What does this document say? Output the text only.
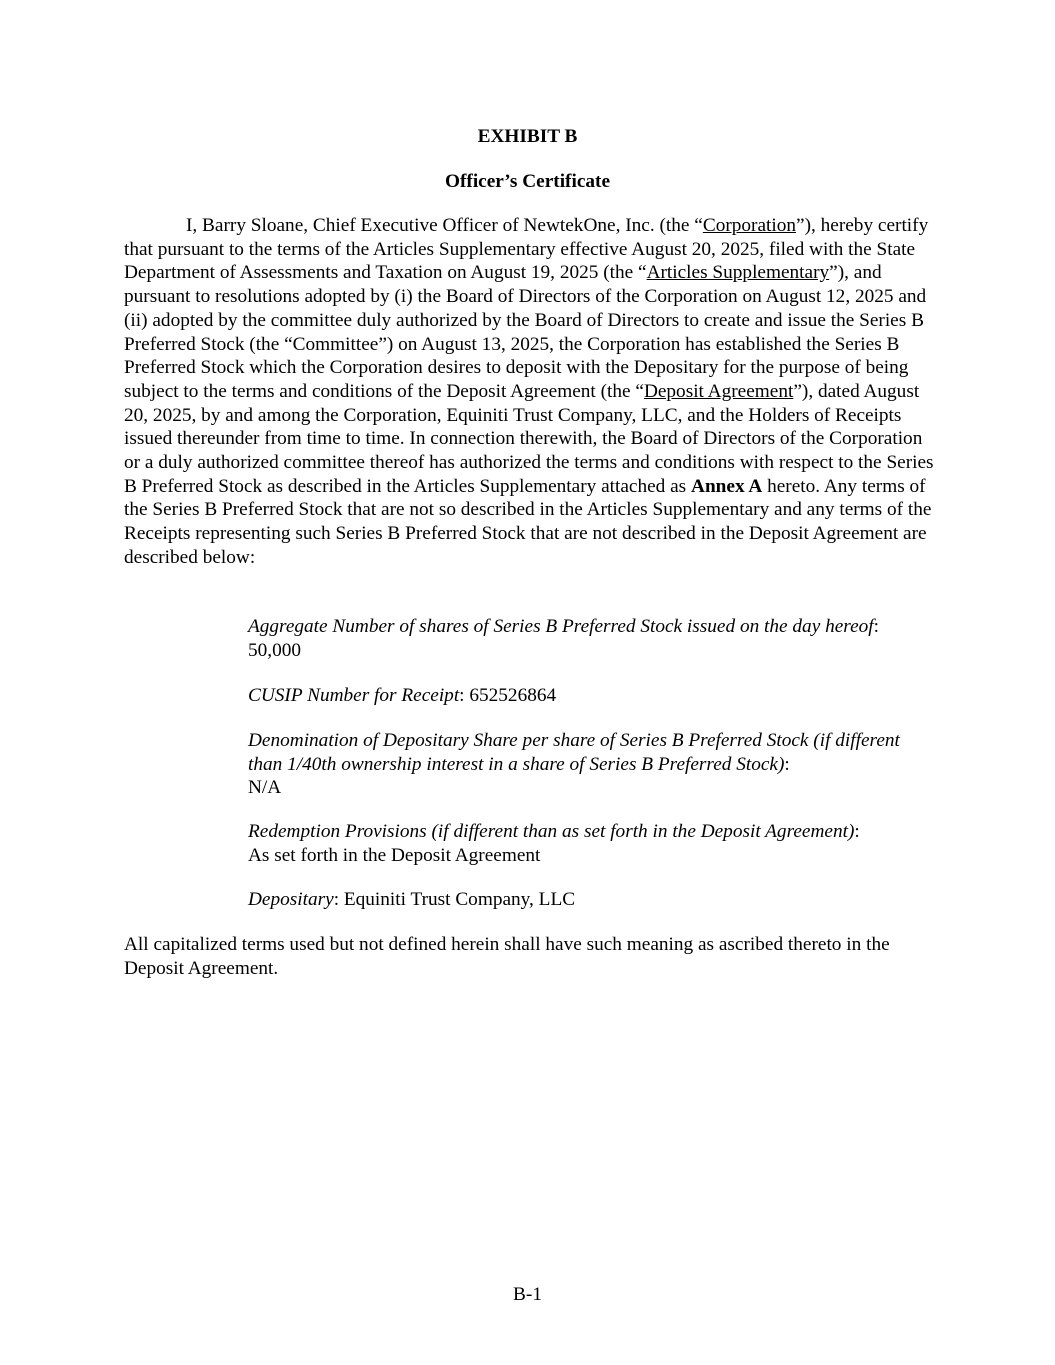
EXHIBIT B

Officer’s Certificate

I, Barry Sloane, Chief Executive Officer of NewtekOne, Inc. (the “Corporation”), hereby certify that pursuant to the terms of the Articles Supplementary effective August 20, 2025, filed with the State Department of Assessments and Taxation on August 19, 2025 (the “Articles Supplementary”), and pursuant to resolutions adopted by (i) the Board of Directors of the Corporation on August 12, 2025 and (ii) adopted by the committee duly authorized by the Board of Directors to create and issue the Series B Preferred Stock (the “Committee”) on August 13, 2025, the Corporation has established the Series B Preferred Stock which the Corporation desires to deposit with the Depositary for the purpose of being subject to the terms and conditions of the Deposit Agreement (the “Deposit Agreement”), dated August 20, 2025, by and among the Corporation, Equiniti Trust Company, LLC, and the Holders of Receipts issued thereunder from time to time. In connection therewith, the Board of Directors of the Corporation or a duly authorized committee thereof has authorized the terms and conditions with respect to the Series B Preferred Stock as described in the Articles Supplementary attached as Annex A hereto. Any terms of the Series B Preferred Stock that are not so described in the Articles Supplementary and any terms of the Receipts representing such Series B Preferred Stock that are not described in the Deposit Agreement are described below:

Aggregate Number of shares of Series B Preferred Stock issued on the day hereof:
50,000

CUSIP Number for Receipt: 652526864

Denomination of Depositary Share per share of Series B Preferred Stock (if different than 1/40th ownership interest in a share of Series B Preferred Stock):
N/A

Redemption Provisions (if different than as set forth in the Deposit Agreement):
As set forth in the Deposit Agreement

Depositary: Equiniti Trust Company, LLC

All capitalized terms used but not defined herein shall have such meaning as ascribed thereto in the Deposit Agreement.

B-1
